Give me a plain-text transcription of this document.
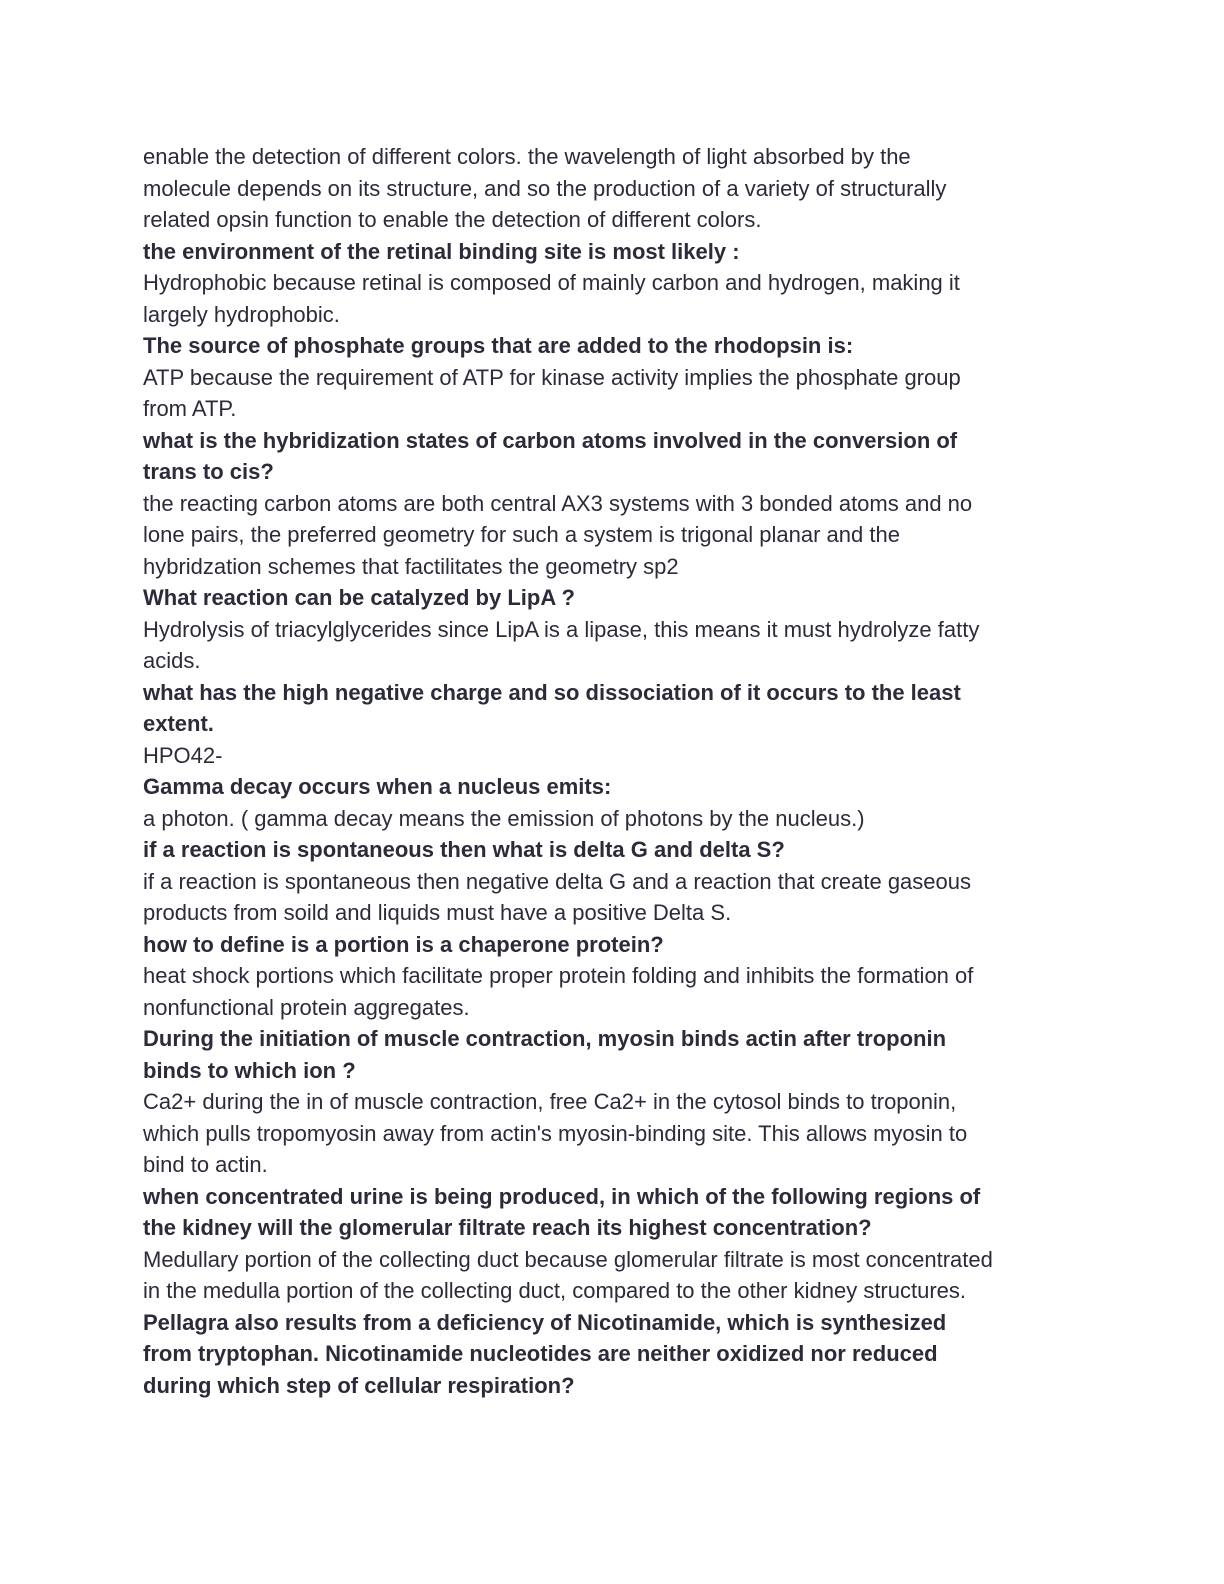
enable the detection of different colors. the wavelength of light absorbed by the
molecule depends on its structure, and so the production of a variety of structurally
related opsin function to enable the detection of different colors.
the environment of the retinal binding site is most likely :
Hydrophobic because retinal is composed of mainly carbon and hydrogen, making it
largely hydrophobic.
The source of phosphate groups that are added to the rhodopsin is:
ATP because the requirement of ATP for kinase activity implies the phosphate group
from ATP.
what is the hybridization states of carbon atoms involved in the conversion of
trans to cis?
the reacting carbon atoms are both central AX3 systems with 3 bonded atoms and no
lone pairs, the preferred geometry for such a system is trigonal planar and the
hybridzation schemes that factilitates the geometry sp2
What reaction can be catalyzed by LipA ?
Hydrolysis of triacylglycerides since LipA is a lipase, this means it must hydrolyze fatty
acids.
what has the high negative charge and so dissociation of it occurs to the least
extent.
HPO42-
Gamma decay occurs when a nucleus emits:
a photon. ( gamma decay means the emission of photons by the nucleus.)
if a reaction is spontaneous then what is delta G and delta S?
if a reaction is spontaneous then negative delta G and a reaction that create gaseous
products from soild and liquids must have a positive Delta S.
how to define is a portion is a chaperone protein?
heat shock portions which facilitate proper protein folding and inhibits the formation of
nonfunctional protein aggregates.
During the initiation of muscle contraction, myosin binds actin after troponin
binds to which ion ?
Ca2+ during the in of muscle contraction, free Ca2+ in the cytosol binds to troponin,
which pulls tropomyosin away from actin's myosin-binding site. This allows myosin to
bind to actin.
when concentrated urine is being produced, in which of the following regions of
the kidney will the glomerular filtrate reach its highest concentration?
Medullary portion of the collecting duct because glomerular filtrate is most concentrated
in the medulla portion of the collecting duct, compared to the other kidney structures.
Pellagra also results from a deficiency of Nicotinamide, which is synthesized
from tryptophan. Nicotinamide nucleotides are neither oxidized nor reduced
during which step of cellular respiration?
